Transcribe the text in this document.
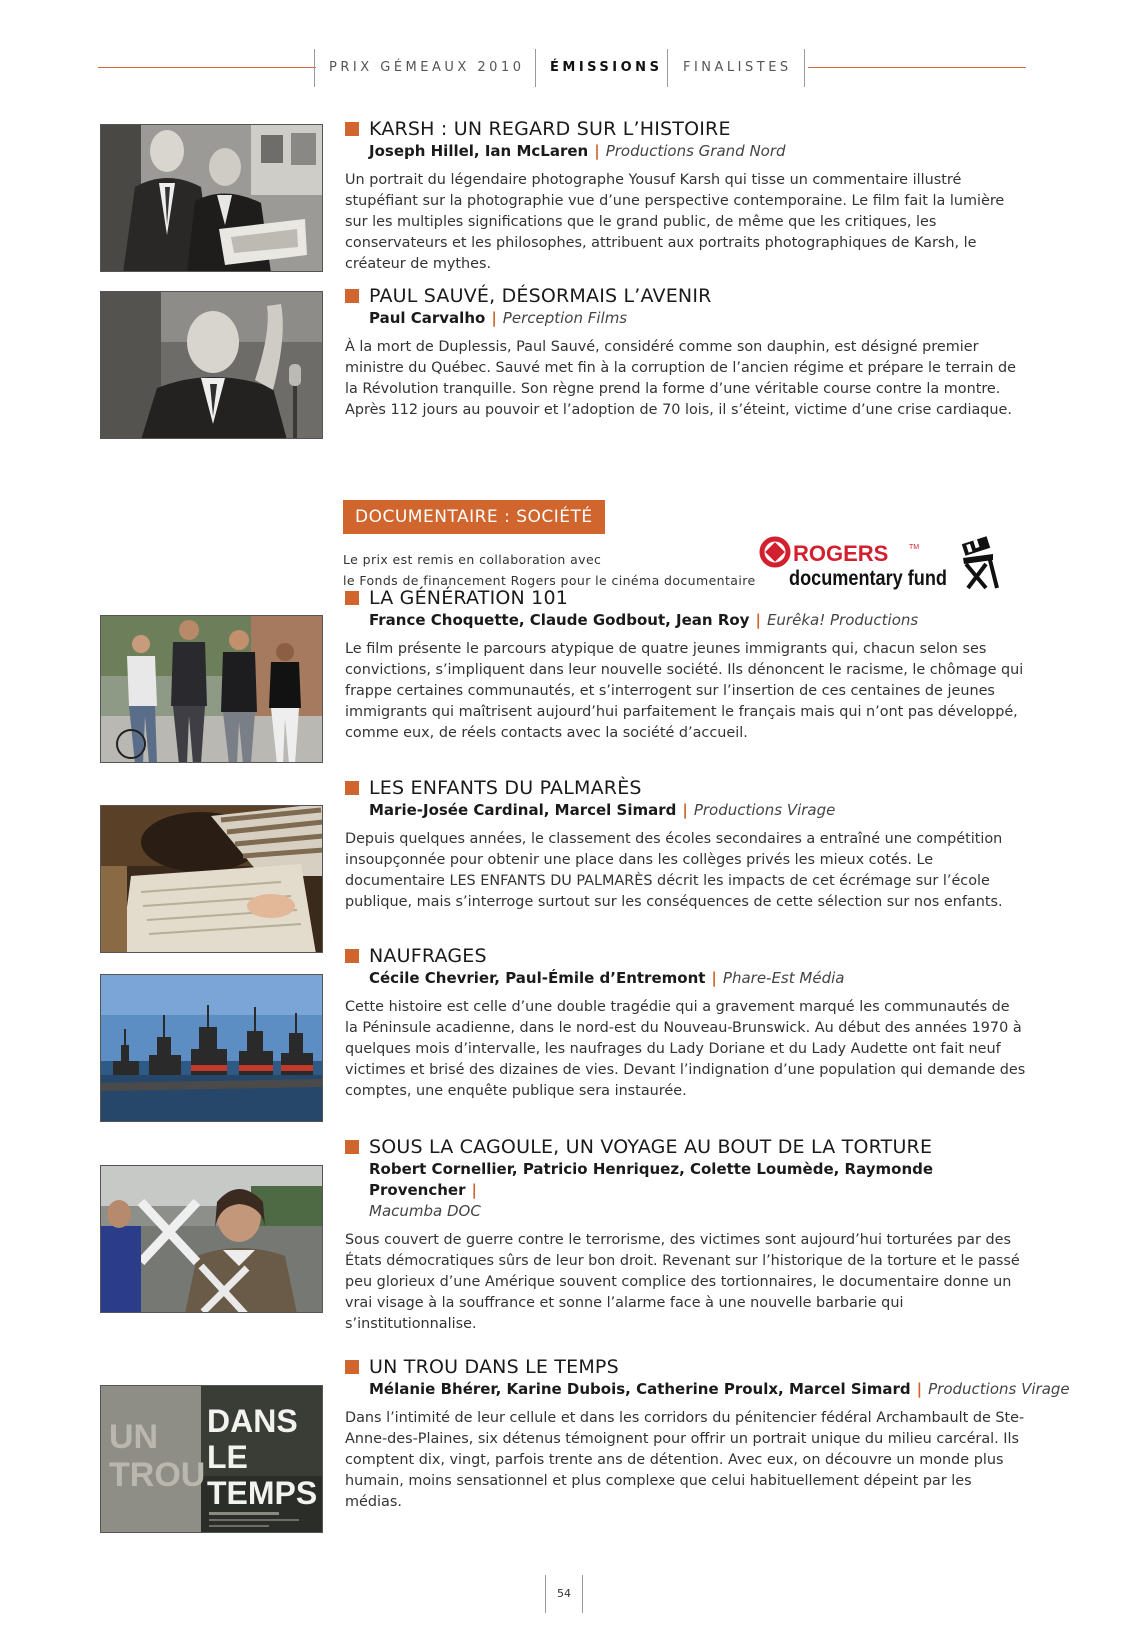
PRIX GÉMEAUX 2010 ÉMISSIONS FINALISTES
KARSH : UN REGARD SUR L’HISTOIRE
Joseph Hillel, Ian McLaren | Productions Grand Nord
Un portrait du légendaire photographe Yousuf Karsh qui tisse un commentaire illustré stupéfiant sur la photographie vue d’une perspective contemporaine. Le film fait la lumière sur les multiples significations que le grand public, de même que les critiques, les conservateurs et les philosophes, attribuent aux portraits photographiques de Karsh, le créateur de mythes.
PAUL SAUVÉ, DÉSORMAIS L’AVENIR
Paul Carvalho | Perception Films
À la mort de Duplessis, Paul Sauvé, considéré comme son dauphin, est désigné premier ministre du Québec. Sauvé met fin à la corruption de l’ancien régime et prépare le terrain de la Révolution tranquille. Son règne prend la forme d’une véritable course contre la montre. Après 112 jours au pouvoir et l’adoption de 70 lois, il s’éteint, victime d’une crise cardiaque.
DOCUMENTAIRE : SOCIÉTÉ
Le prix est remis en collaboration avec
le Fonds de financement Rogers pour le cinéma documentaire
ROGERS	TM
documentary fund
LA GÉNÉRATION 101
France Choquette, Claude Godbout, Jean Roy | Eurêka! Productions
Le film présente le parcours atypique de quatre jeunes immigrants qui, chacun selon ses convictions, s’impliquent dans leur nouvelle société. Ils dénoncent le racisme, le chômage qui frappe certaines communautés, et s’interrogent sur l’insertion de ces centaines de jeunes immigrants qui maîtrisent aujourd’hui parfaitement le français mais qui n’ont pas développé, comme eux, de réels contacts avec la société d’accueil.
LES ENFANTS DU PALMARÈS
Marie-Josée Cardinal, Marcel Simard | Productions Virage
Depuis quelques années, le classement des écoles secondaires a entraîné une compétition insoupçonnée pour obtenir une place dans les collèges privés les mieux cotés. Le documentaire LES ENFANTS DU PALMARÈS décrit les impacts de cet écrémage sur l’école publique, mais s’interroge surtout sur les conséquences de cette sélection sur nos enfants.
NAUFRAGES
Cécile Chevrier, Paul-Émile d’Entremont | Phare-Est Média
Cette histoire est celle d’une double tragédie qui a gravement marqué les communautés de la Péninsule acadienne, dans le nord-est du Nouveau-Brunswick. Au début des années 1970 à quelques mois d’intervalle, les naufrages du Lady Doriane et du Lady Audette ont fait neuf victimes et brisé des dizaines de vies. Devant l’indignation d’une population qui demande des comptes, une enquête publique sera instaurée.
SOUS LA CAGOULE, UN VOYAGE AU BOUT DE LA TORTURE
Robert Cornellier, Patricio Henriquez, Colette Loumède, Raymonde Provencher |
Macumba DOC
Sous couvert de guerre contre le terrorisme, des victimes sont aujourd’hui torturées par des États démocratiques sûrs de leur bon droit. Revenant sur l’historique de la torture et le passé peu glorieux d’une Amérique souvent complice des tortionnaires, le documentaire donne un vrai visage à la souffrance et sonne l’alarme face à une nouvelle barbarie qui s’institutionnalise.
UN
TROU
DANS
LE
TEMPS
UN TROU DANS LE TEMPS
Mélanie Bhérer, Karine Dubois, Catherine Proulx, Marcel Simard | Productions Virage
Dans l’intimité de leur cellule et dans les corridors du pénitencier fédéral Archambault de Ste-Anne-des-Plaines, six détenus témoignent pour offrir un portrait unique du milieu carcéral. Ils comptent dix, vingt, parfois trente ans de détention. Avec eux, on découvre un monde plus humain, moins sensationnel et plus complexe que celui habituellement dépeint par les médias.
54
